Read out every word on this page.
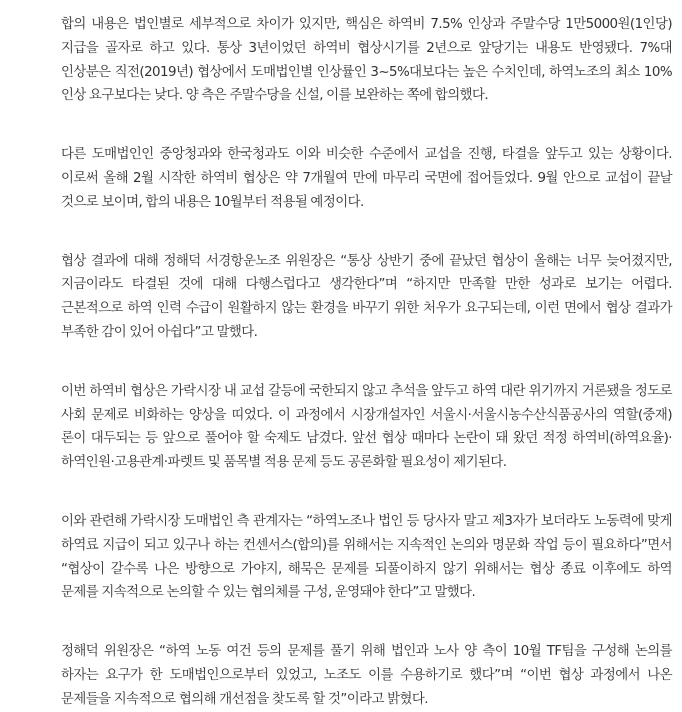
합의 내용은 법인별로 세부적으로 차이가 있지만, 핵심은 하역비 7.5% 인상과 주말수당 1만5000원(1인당) 지급을 골자로 하고 있다. 통상 3년이었던 하역비 협상시기를 2년으로 앞당기는 내용도 반영됐다. 7%대 인상분은 직전(2019년) 협상에서 도매법인별 인상률인 3~5%대보다는 높은 수치인데, 하역노조의 최소 10% 인상 요구보다는 낮다. 양 측은 주말수당을 신설, 이를 보완하는 쪽에 합의했다.

다른 도매법인인 중앙청과와 한국청과도 이와 비슷한 수준에서 교섭을 진행, 타결을 앞두고 있는 상황이다. 이로써 올해 2월 시작한 하역비 협상은 약 7개월여 만에 마무리 국면에 접어들었다. 9월 안으로 교섭이 끝날 것으로 보이며, 합의 내용은 10월부터 적용될 예정이다.

협상 결과에 대해 정해덕 서경항운노조 위원장은 “통상 상반기 중에 끝났던 협상이 올해는 너무 늦어졌지만, 지금이라도 타결된 것에 대해 다행스럽다고 생각한다”며 “하지만 만족할 만한 성과로 보기는 어렵다. 근본적으로 하역 인력 수급이 원활하지 않는 환경을 바꾸기 위한 처우가 요구되는데, 이런 면에서 협상 결과가 부족한 감이 있어 아쉽다”고 말했다.

이번 하역비 협상은 가락시장 내 교섭 갈등에 국한되지 않고 추석을 앞두고 하역 대란 위기까지 거론됐을 정도로 사회 문제로 비화하는 양상을 띠었다. 이 과정에서 시장개설자인 서울시·서울시농수산식품공사의 역할(중재)론이 대두되는 등 앞으로 풀어야 할 숙제도 남겼다. 앞선 협상 때마다 논란이 돼 왔던 적정 하역비(하역요율)·하역인원·고용관계·파렛트 및 품목별 적용 문제 등도 공론화할 필요성이 제기된다.

이와 관련해 가락시장 도매법인 측 관계자는 “하역노조나 법인 등 당사자 말고 제3자가 보더라도 노동력에 맞게 하역료 지급이 되고 있구나 하는 컨센서스(합의)를 위해서는 지속적인 논의와 명문화 작업 등이 필요하다”면서 “협상이 갈수록 나은 방향으로 가야지, 해묵은 문제를 되풀이하지 않기 위해서는 협상 종료 이후에도 하역 문제를 지속적으로 논의할 수 있는 협의체를 구성, 운영돼야 한다”고 말했다.

정해덕 위원장은 “하역 노동 여건 등의 문제를 풀기 위해 법인과 노사 양 측이 10월 TF팀을 구성해 논의를 하자는 요구가 한 도매법인으로부터 있었고, 노조도 이를 수용하기로 했다”며 “이번 협상 과정에서 나온 문제들을 지속적으로 협의해 개선점을 찾도록 할 것”이라고 밝혔다.
